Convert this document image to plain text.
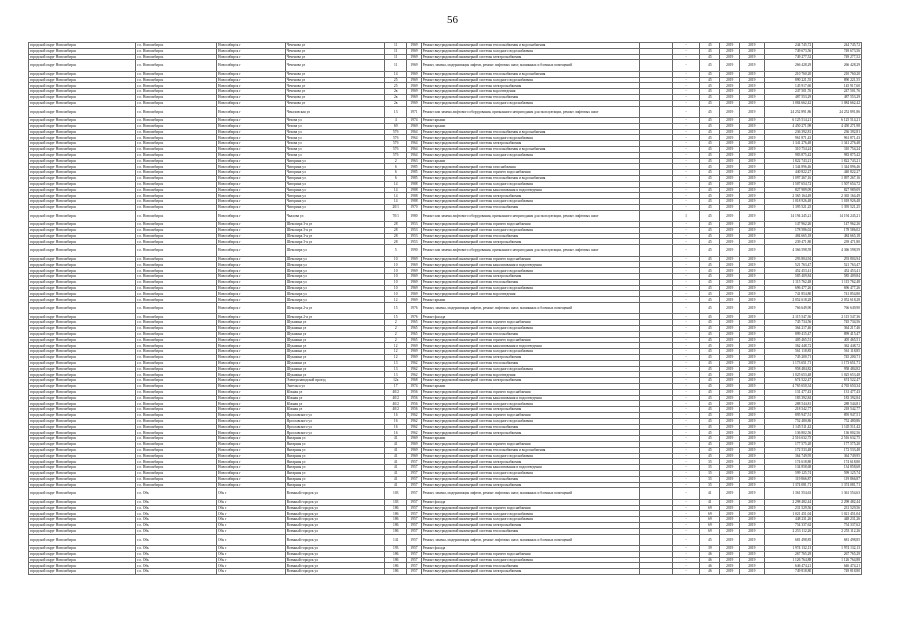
56
городской округ Новосибирск	г.о. Новосибирск	Новосибирск г	Чеченова ул	11	1969	Ремонт внутридомовой инженерной системы теплоснабжения и водоснабжения		-	45	2019	2019	244 745,72	244 745,72
городской округ Новосибирск	г.о. Новосибирск	Новосибирск г	Чеченова ул	11	1969	Ремонт внутридомовой инженерной системы холодного водоснабжения		-	45	2019	2019	749 673,56	749 673,56
городской округ Новосибирск	г.о. Новосибирск	Новосибирск г	Чеченова ул	11	1969	Ремонт внутридомовой инженерной системы электроснабжения		-	45	2019	2019	749 277,52	749 277,52
городской округ Новосибирск	г.о. Новосибирск	Новосибирск г	Чеченова ул	11	1969	Ремонт, замена, модернизация лифтов, ремонт лифтовых шахт, машинных и блочных помещений		-	45	2019	2019	266 428,29	266 428,29
городской округ Новосибирск	г.о. Новосибирск	Новосибирск г	Чеченова ул	14	1969	Ремонт внутридомовой инженерной системы теплоснабжения и водоснабжения		-	45	2019	2019	210 760,20	210 760,20
городской округ Новосибирск	г.о. Новосибирск	Новосибирск г	Чеченова ул	25	1969	Ремонт внутридомовой инженерной системы холодного водоснабжения		-	45	2019	2019	890 221,55	890 221,55
городской округ Новосибирск	г.о. Новосибирск	Новосибирск г	Чеченова ул	25	1969	Ремонт внутридомовой инженерной системы электроснабжения		-	45	2019	2019	145 917,60	145 917,60
городской округ Новосибирск	г.о. Новосибирск	Новосибирск г	Чеченова ул	2в	1969	Ремонт внутридомовой инженерной системы водоотведения		-	45	2019	2019	247 501,76	247 501,76
городской округ Новосибирск	г.о. Новосибирск	Новосибирск г	Чеченова ул	2в	1969	Ремонт внутридомовой инженерной системы теплоснабжения		-	45	2019	2019	487 553,29	487 553,29
городской округ Новосибирск	г.о. Новосибирск	Новосибирск г	Чеченова ул	2в	1969	Ремонт внутридомовой инженерной системы холодного водоснабжения		-	45	2019	2019	1 084 662,42	1 084 662,42
городской округ Новосибирск	г.о. Новосибирск	Новосибирск г	Чекаловская ул	13	1971	Ремонт или замена лифтового оборудования, признанного непригодным для эксплуатации, ремонт лифтовых шахт		-	45	2019	2019	24 252 891,86	24 252 891,86
городской округ Новосибирск	г.о. Новосибирск	Новосибирск г	Чехова ул	4	1974	Ремонт крыши		-	45	2019	2019	6 125 514,21	6 125 514,21
городской округ Новосибирск	г.о. Новосибирск	Новосибирск г	Чехова ул	69	1969	Ремонт крыши		-	45	2019	2019	4 450 271,98	4 450 271,98
городской округ Новосибирск	г.о. Новосибирск	Новосибирск г	Чехова ул	57б	1964	Ремонт внутридомовой инженерной системы теплоснабжения и водоснабжения		-	45	2019	2019	236 392,81	236 392,81
городской округ Новосибирск	г.о. Новосибирск	Новосибирск г	Чехова ул	57б	1964	Ремонт внутридомовой инженерной системы холодного водоснабжения		-	45	2019	2019	961 871,43	961 871,43
городской округ Новосибирск	г.о. Новосибирск	Новосибирск г	Чехова ул	57б	1964	Ремонт внутридомовой инженерной системы электроснабжения		-	45	2019	2019	1 341 276,48	1 341 276,48
городской округ Новосибирск	г.о. Новосибирск	Новосибирск г	Чехова ул	57б	1964	Ремонт внутридомовой инженерной системы теплоснабжения и водоснабжения		-	45	2019	2019	310 754,24	310 754,24
городской округ Новосибирск	г.о. Новосибирск	Новосибирск г	Чехова ул	57б	1964	Ремонт внутридомовой инженерной системы холодного водоснабжения		-	45	2019	2019	983 875,42	983 875,42
городской округ Новосибирск	г.о. Новосибирск	Новосибирск г	Чигорина ул	2	1963	Ремонт крыши		-	45	2019	2019	1 822 743,21	1 822 743,21
городской округ Новосибирск	г.о. Новосибирск	Новосибирск г	Чигорина ул	6	1985	Ремонт внутридомовой инженерной системы газоснабжения		-	45	2019	2019	1 344 896,46	1 344 896,46
городской округ Новосибирск	г.о. Новосибирск	Новосибирск г	Чигорина ул	6	1985	Ремонт внутридомовой инженерной системы горячего водоснабжения		-	45	2019	2019	440 822,27	440 822,27
городской округ Новосибирск	г.о. Новосибирск	Новосибирск г	Чигорина ул	6	1985	Ремонт внутридомовой инженерной системы теплоснабжения и водоснабжения		-	45	2019	2019	1 097 267,16	1 097 267,16
городской округ Новосибирск	г.о. Новосибирск	Новосибирск г	Чигорина ул	14	1988	Ремонт внутридомовой инженерной системы холодного водоснабжения		-	45	2019	2019	1 507 654,72	1 507 654,72
городской округ Новосибирск	г.о. Новосибирск	Новосибирск г	Чигорина ул	14	1988	Ремонт внутридомовой инженерной системы канализования и водоотведения		-	45	2019	2019	827 989,09	827 989,09
городской округ Новосибирск	г.о. Новосибирск	Новосибирск г	Чигорина ул	14	1988	Ремонт внутридомовой инженерной системы электроснабжения		-	45	2019	2019	2 365 164,49	2 365 164,49
городской округ Новосибирск	г.о. Новосибирск	Новосибирск г	Чигорина ул	14	1988	Ремонт внутридомовой инженерной системы холодного водоснабжения		-	45	2019	2019	1 018 926,48	1 018 926,48
городской округ Новосибирск	г.о. Новосибирск	Новосибирск г	Чигорина ул	20/1	1970	Ремонт внутридомовой инженерной системы теплоснабжения		-	45	2019	2019	1 395 521,25	1 395 521,25
городской округ Новосибирск	г.о. Новосибирск	Новосибирск г	Чкалова ул	70/1	1980	Ремонт или замена лифтового оборудования, признанного непригодным для эксплуатации, ремонт лифтовых шахт		1	45	2019	2019	14 194 245,21	14 194 245,21
городской округ Новосибирск	г.о. Новосибирск	Новосибирск г	Шекспира 3-я ул	28	1953	Ремонт внутридомовой инженерной системы горячего водоснабжения		-	45	2019	2019	147 962,26	147 962,26
городской округ Новосибирск	г.о. Новосибирск	Новосибирск г	Шекспира 3-я ул	28	1953	Ремонт внутридомовой инженерной системы холодного водоснабжения		-	45	2019	2019	178 586,02	178 586,02
городской округ Новосибирск	г.о. Новосибирск	Новосибирск г	Шекспира 3-я ул	28	1953	Ремонт внутридомовой инженерной системы теплоснабжения		-	45	2019	2019	484 665,18	484 665,18
городской округ Новосибирск	г.о. Новосибирск	Новосибирск г	Шекспира 3-я ул	28	1953	Ремонт внутридомовой инженерной системы электроснабжения		-	45	2019	2019	239 471,80	239 471,80
городской округ Новосибирск	г.о. Новосибирск	Новосибирск г	Шекспира ул	5	1990	Ремонт или замена лифтового оборудования, признанного непригодным для эксплуатации, ремонт лифтовых шахт		-	45	2019	2019	4 366 598,59	4 366 598,59
городской округ Новосибирск	г.о. Новосибирск	Новосибирск г	Шекспира ул	10	1969	Ремонт внутридомовой инженерной системы горячего водоснабжения		-	45	2019	2019	293 804,94	293 804,94
городской округ Новосибирск	г.о. Новосибирск	Новосибирск г	Шекспира ул	10	1969	Ремонт внутридомовой инженерной системы канализования и водоотведения		-	45	2019	2019	521 763,47	521 763,47
городской округ Новосибирск	г.о. Новосибирск	Новосибирск г	Шекспира ул	10	1969	Ремонт внутридомовой инженерной системы холодного водоснабжения		-	45	2019	2019	452 453,41	452 453,41
городской округ Новосибирск	г.о. Новосибирск	Новосибирск г	Шекспира ул	10	1969	Ремонт внутридомовой инженерной системы электроснабжения		-	45	2019	2019	585 409,84	585 409,84
городской округ Новосибирск	г.о. Новосибирск	Новосибирск г	Шекспира ул	10	1969	Ремонт внутридомовой инженерной системы теплоснабжения		-	45	2019	2019	1 115 762,48	1 115 762,48
городской округ Новосибирск	г.о. Новосибирск	Новосибирск г	Шекспира ул	10	1969	Ремонт внутридомовой инженерной системы холодного водоснабжения		-	45	2019	2019	696 477,26	696 477,26
городской округ Новосибирск	г.о. Новосибирск	Новосибирск г	Шекспира ул	10	1969	Ремонт внутридомовой инженерной системы водоотведения		-	45	2019	2019	741 854,80	741 854,80
городской округ Новосибирск	г.о. Новосибирск	Новосибирск г	Шекспира ул	12	1969	Ремонт крыши		-	45	2019	2019	2 052 618,28	2 052 618,28
городской округ Новосибирск	г.о. Новосибирск	Новосибирск г	Шекспира 2-я ул	15	1976	Ремонт, замена, модернизация лифтов, ремонт лифтовых шахт, машинных и блочных помещений		-	45	2019	2019	766 649,90	766 649,90
городской округ Новосибирск	г.о. Новосибирск	Новосибирск г	Шекспира 2-я ул	15	1976	Ремонт фасада		-	45	2019	2019	2 115 547,36	2 115 547,36
городской округ Новосибирск	г.о. Новосибирск	Новосибирск г	Шукшина ул	2	1965	Ремонт внутридомовой инженерной системы горячего водоснабжения		-	45	2019	2019	745 734,56	745 734,56
городской округ Новосибирск	г.о. Новосибирск	Новосибирск г	Шукшина ул	2	1965	Ремонт внутридомовой инженерной системы холодного водоснабжения		-	45	2019	2019	364 217,46	364 217,46
городской округ Новосибирск	г.о. Новосибирск	Новосибирск г	Шукшина ул	2	1965	Ремонт внутридомовой инженерной системы теплоснабжения		-	45	2019	2019	899 415,47	899 415,47
городской округ Новосибирск	г.о. Новосибирск	Новосибирск г	Шукшина ул	2	1965	Ремонт внутридомовой инженерной системы горячего водоснабжения		-	45	2019	2019	405 465,51	405 465,51
городской округ Новосибирск	г.о. Новосибирск	Новосибирск г	Шукшина ул	12	1969	Ремонт внутридомовой инженерной системы канализования и водоотведения		-	45	2019	2019	362 448,72	362 448,72
городской округ Новосибирск	г.о. Новосибирск	Новосибирск г	Шукшина ул	12	1969	Ремонт внутридомовой инженерной системы холодного водоснабжения		-	45	2019	2019	561 118,85	561 118,85
городской округ Новосибирск	г.о. Новосибирск	Новосибирск г	Шукшина ул	12	1969	Ремонт внутридомовой инженерной системы электроснабжения		-	45	2019	2019	745 200,71	745 200,71
городской округ Новосибирск	г.о. Новосибирск	Новосибирск г	Шукшина ул	13	1962	Ремонт внутридомовой инженерной системы теплоснабжения		-	45	2019	2019	1 173 651,71	1 173 651,71
городской округ Новосибирск	г.о. Новосибирск	Новосибирск г	Шукшина ул	13	1962	Ремонт внутридомовой инженерной системы холодного водоснабжения		-	45	2019	2019	958 484,82	958 484,82
городской округ Новосибирск	г.о. Новосибирск	Новосибирск г	Шукшина ул	13	1962	Ремонт внутридомовой инженерной системы водоотведения		-	45	2019	2019	1 025 653,48	1 025 653,48
городской округ Новосибирск	г.о. Новосибирск	Новосибирск г	Электрозаводской проезд	12а	1968	Ремонт внутридомовой инженерной системы электроснабжения		-	45	2019	2019	674 522,47	674 522,47
городской округ Новосибирск	г.о. Новосибирск	Новосибирск г	Энгельса ул	17	1974	Ремонт крыши		-	45	2019	2019	4 765 650,34	4 765 650,34
городской округ Новосибирск	г.о. Новосибирск	Новосибирск г	Южная ул	40/2	1956	Ремонт внутридомовой инженерной системы горячего водоснабжения		-	45	2019	2019	131 477,43	131 477,43
городской округ Новосибирск	г.о. Новосибирск	Новосибирск г	Южная ул	40/2	1956	Ремонт внутридомовой инженерной системы канализования и водоотведения		-	45	2019	2019	183 392,84	183 392,84
городской округ Новосибирск	г.о. Новосибирск	Новосибирск г	Южная ул	40/2	1956	Ремонт внутридомовой инженерной системы холодного водоснабжения		-	45	2019	2019	288 544,81	288 544,81
городской округ Новосибирск	г.о. Новосибирск	Новосибирск г	Южная ул	40/2	1956	Ремонт внутридомовой инженерной системы электроснабжения		-	45	2019	2019	218 542,77	218 542,77
городской округ Новосибирск	г.о. Новосибирск	Новосибирск г	Ярославского ул	16	1962	Ремонт внутридомовой инженерной системы горячего водоснабжения		-	45	2019	2019	895 947,51	895 947,51
городской округ Новосибирск	г.о. Новосибирск	Новосибирск г	Ярославского ул	16	1962	Ремонт внутридомовой инженерной системы холодного водоснабжения		-	45	2019	2019	752 480,86	752 480,86
городской округ Новосибирск	г.о. Новосибирск	Новосибирск г	Ярославского ул	16	1962	Ремонт внутридомовой инженерной системы теплоснабжения		-	45	2019	2019	1 145 511,42	1 145 511,42
городской округ Новосибирск	г.о. Новосибирск	Новосибирск г	Ярославского ул	16	1962	Ремонт внутридомовой инженерной системы электроснабжения		-	45	2019	2019	136 802,56	136 802,56
городской округ Новосибирск	г.о. Новосибирск	Новосибирск г	Янтарная ул	41	1969	Ремонт крыши		-	45	2019	2019	2 516 632,75	2 516 632,75
городской округ Новосибирск	г.о. Новосибирск	Новосибирск г	Янтарная ул	41	1969	Ремонт внутридомовой инженерной системы горячего водоснабжения		-	45	2019	2019	177 575,20	177 575,20
городской округ Новосибирск	г.о. Новосибирск	Новосибирск г	Янтарная ул	41	1969	Ремонт внутридомовой инженерной системы теплоснабжения и водоснабжения		-	45	2019	2019	172 533,48	172 533,48
городской округ Новосибирск	г.о. Новосибирск	Новосибирск г	Янтарная ул	41	1969	Ремонт внутридомовой инженерной системы холодного водоснабжения		-	45	2019	2019	364 749,95	364 749,95
городской округ Новосибирск	г.о. Новосибирск	Новосибирск г	Янтарная ул	41	1957	Ремонт внутридомовой инженерной системы электроснабжения		-	35	2019	2019	174 618,80	174 618,80
городской округ Новосибирск	г.о. Новосибирск	Новосибирск г	Янтарная ул	41	1957	Ремонт внутридомовой инженерной системы канализования и водоотведения		-	35	2019	2019	134 858,68	134 858,68
городской округ Новосибирск	г.о. Новосибирск	Новосибирск г	Янтарная ул	41	1957	Ремонт внутридомовой инженерной системы холодного водоснабжения		-	35	2019	2019	599 125,74	599 125,74
городской округ Новосибирск	г.о. Новосибирск	Новосибирск г	Янтарная ул	41	1957	Ремонт внутридомовой инженерной системы теплоснабжения		-	35	2019	2019	119 866,87	119 866,87
городской округ Новосибирск	г.о. Новосибирск	Новосибирск г	Янтарная ул	41	1957	Ремонт внутридомовой инженерной системы электроснабжения		-	35	2019	2019	1 374 081,71	1 374 081,71
городской округ Новосибирск	г.о. Обь	Обь г	Военный городок ул	103	1957	Ремонт, замена, модернизация лифтов, ремонт лифтовых шахт, машинных и блочных помещений		-	41	2019	2019	1 361 554,63	1 361 554,63
городской округ Новосибирск	г.о. Обь	Обь г	Военный городок ул	103	1957	Ремонт фасада		-	41	2019	2019	2 298 482,44	2 298 482,44
городской округ Новосибирск	г.о. Обь	Обь г	Военный городок ул	186	1957	Ремонт внутридомовой инженерной системы горячего водоснабжения		-	69	2019	2019	231 529,56	231 529,56
городской округ Новосибирск	г.о. Обь	Обь г	Военный городок ул	186	1957	Ремонт внутридомовой инженерной системы холодного водоснабжения		-	69	2019	2019	1 021 451,04	1 021 451,04
городской округ Новосибирск	г.о. Обь	Обь г	Военный городок ул	186	1957	Ремонт внутридомовой инженерной системы холодного водоснабжения		-	69	2019	2019	448 231,26	448 231,26
городской округ Новосибирск	г.о. Обь	Обь г	Военный городок ул	186	1957	Ремонт внутридомовой инженерной системы электроснабжения		-	69	2019	2019	754 337,62	754 337,62
городской округ Новосибирск	г.о. Обь	Обь г	Военный городок ул	186	1957	Ремонт внутридомовой инженерной системы теплоснабжения		-	69	2019	2019	2 253 112,26	2 253 112,26
городской округ Новосибирск	г.о. Обь	Обь г	Военный городок ул	141	1957	Ремонт, замена, модернизация лифтов, ремонт лифтовых шахт, машинных и блочных помещений		-	45	2019	2019	681 498,85	681 498,85
городской округ Новосибирск	г.о. Обь	Обь г	Военный городок ул	193	1957	Ремонт фасада		-	39	2019	2019	1 974 132,13	1 974 132,13
городской округ Новосибирск	г.о. Обь	Обь г	Военный городок ул	186	1957	Ремонт внутридомовой инженерной системы горячего водоснабжения		-	46	2019	2019	267 765,29	267 765,29
городской округ Новосибирск	г.о. Обь	Обь г	Военный городок ул	186	1957	Ремонт внутридомовой инженерной системы холодного водоснабжения		-	46	2019	2019	1 126 764,88	1 126 764,88
городской округ Новосибирск	г.о. Обь	Обь г	Военный городок ул	186	1957	Ремонт внутридомовой инженерной системы теплоснабжения		-	46	2019	2019	646 474,21	646 474,21
городской округ Новосибирск	г.о. Обь	Обь г	Военный городок ул	186	1957	Ремонт внутридомовой инженерной системы электроснабжения		-	46	2019	2019	749 818,80	749 818,80
